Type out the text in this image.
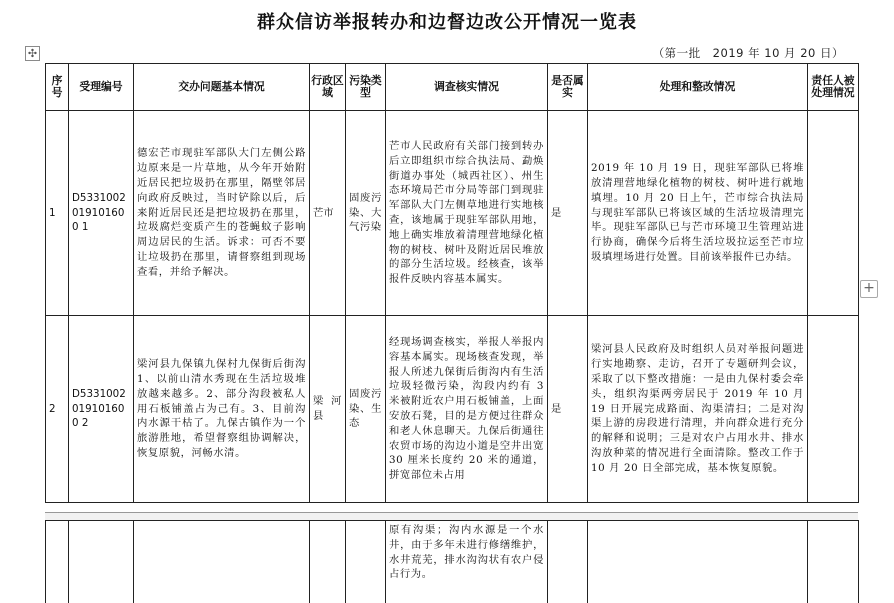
群众信访举报转办和边督边改公开情况一览表
✣	（第一批　2019 年 10 月 20 日）
序号	受理编号	交办问题基本情况	行政区域	污染类型	调查核实情况	是否属实	处理和整改情况	责任人被处理情况
1	D5331002019101600 1	德宏芒市现驻军部队大门左侧公路边原来是一片草地，从今年开始附近居民把垃圾扔在那里，隔壁邻居向政府反映过，当时铲除以后，后来附近居民还是把垃圾扔在那里，垃圾腐烂变质产生的苍蝇蚊子影响周边居民的生活。诉求：可否不要让垃圾扔在那里，请督察组到现场查看，并给予解决。	芒市	固废污染、大气污染	芒市人民政府有关部门接到转办后立即组织市综合执法局、勐焕街道办事处（城西社区）、州生态环境局芒市分局等部门到现驻军部队大门左侧草地进行实地核查，该地属于现驻军部队用地，地上确实堆放着清理营地绿化植物的树枝、树叶及附近居民堆放的部分生活垃圾。经核查，该举报件反映内容基本属实。	是	2019 年 10 月 19 日，现驻军部队已将堆放清理营地绿化植物的树枝、树叶进行就地填埋。10 月 20 日上午，芒市综合执法局与现驻军部队已将该区域的生活垃圾清理完毕。现驻军部队已与芒市环境卫生管理站进行协商，确保今后将生活垃圾拉运至芒市垃圾填埋场进行处置。目前该举报件已办结。	
2	D5331002019101600 2	梁河县九保镇九保村九保街后街沟 1、以前山清水秀现在生活垃圾堆放越来越多。2、部分沟段被私人用石板铺盖占为己有。3、目前沟内水源干枯了。九保古镇作为一个旅游胜地，希望督察组协调解决，恢复原貌，河畅水清。	梁河县	固废污染、生态	经现场调查核实，举报人举报内容基本属实。现场核查发现，举报人所述九保街后街沟内有生活垃圾轻微污染，沟段内约有 3 米被附近农户用石板铺盖，上面安放石凳，目的是方便过往群众和老人休息聊天。九保后街通往农贸市场的沟边小道是空井出宽 30 厘米长度约 20 米的通道，拼宽部位未占用	是	梁河县人民政府及时组织人员对举报问题进行实地勘察、走访，召开了专题研判会议，采取了以下整改措施：一是由九保村委会牵头，组织沟渠两旁居民于 2019 年 10 月 19 日开展完成路面、沟渠清扫；二是对沟渠上游的房段进行清理，并向群众进行充分的解释和说明；三是对农户占用水井、排水沟放种菜的情况进行全面清除。整改工作于 10 月 20 日全部完成，基本恢复原貌。	
					原有沟渠；沟内水源是一个水井，由于多年未进行修缮维护，水井荒芜，排水沟沟状有农户侵占行为。			
+
